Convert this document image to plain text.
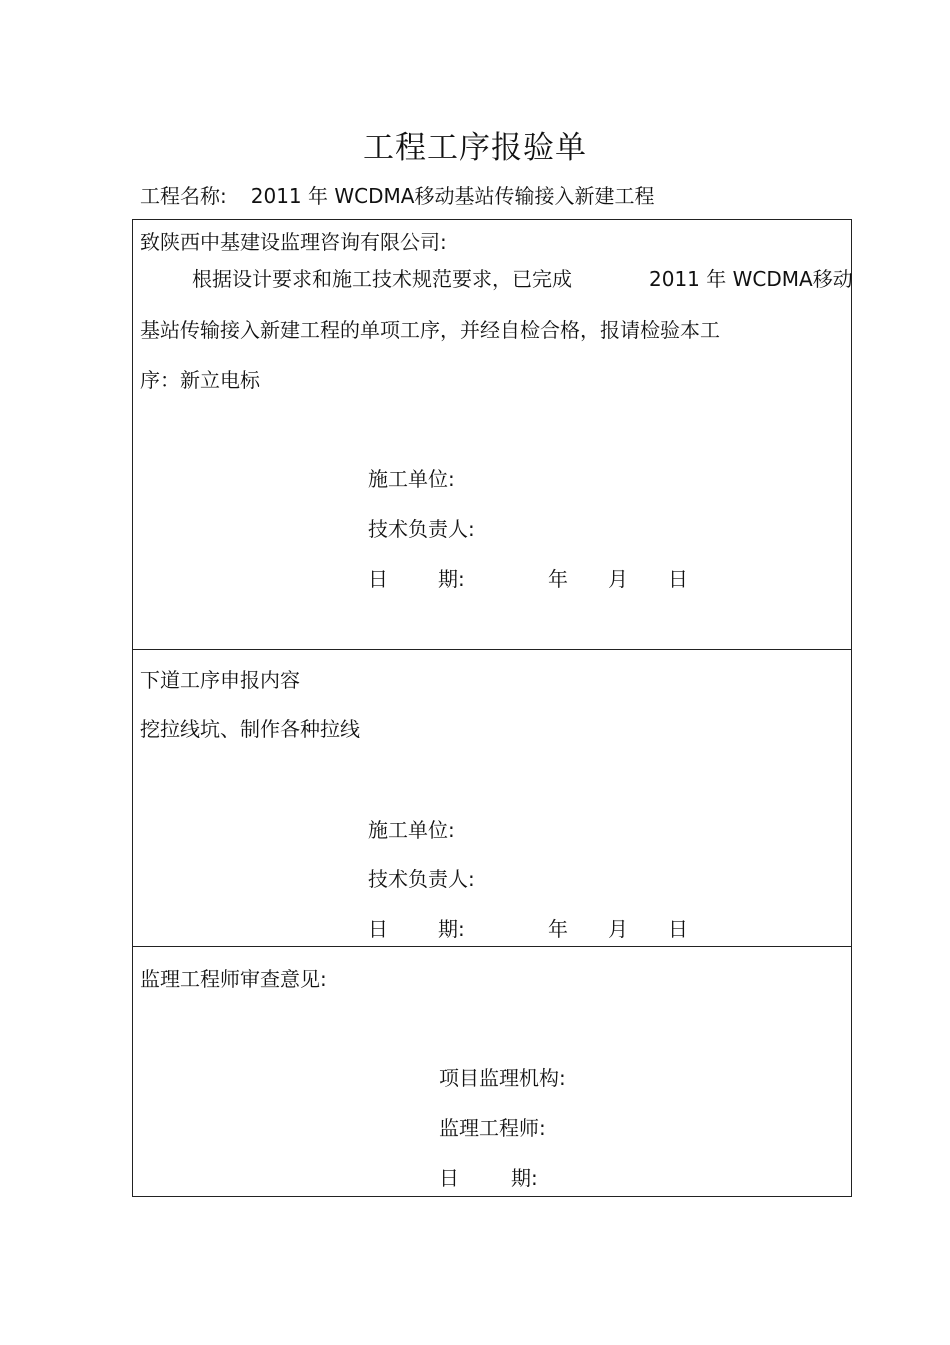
工程工序报验单
工程名称: 2011 年 WCDMA移动基站传输接入新建工程
致陕西中基建设监理咨询有限公司:
根据设计要求和施工技术规范要求，已完成	2011 年 WCDMA移动
基站传输接入新建工程的单项工序，并经自检合格，报请检验本工
序：新立电标
施工单位:
技术负责人:
日	期:	年 月 日
下道工序申报内容
挖拉线坑、制作各种拉线
施工单位:
技术负责人:
日	期:	年 月 日
监理工程师审查意见:
项目监理机构:
监理工程师:
日	期:
